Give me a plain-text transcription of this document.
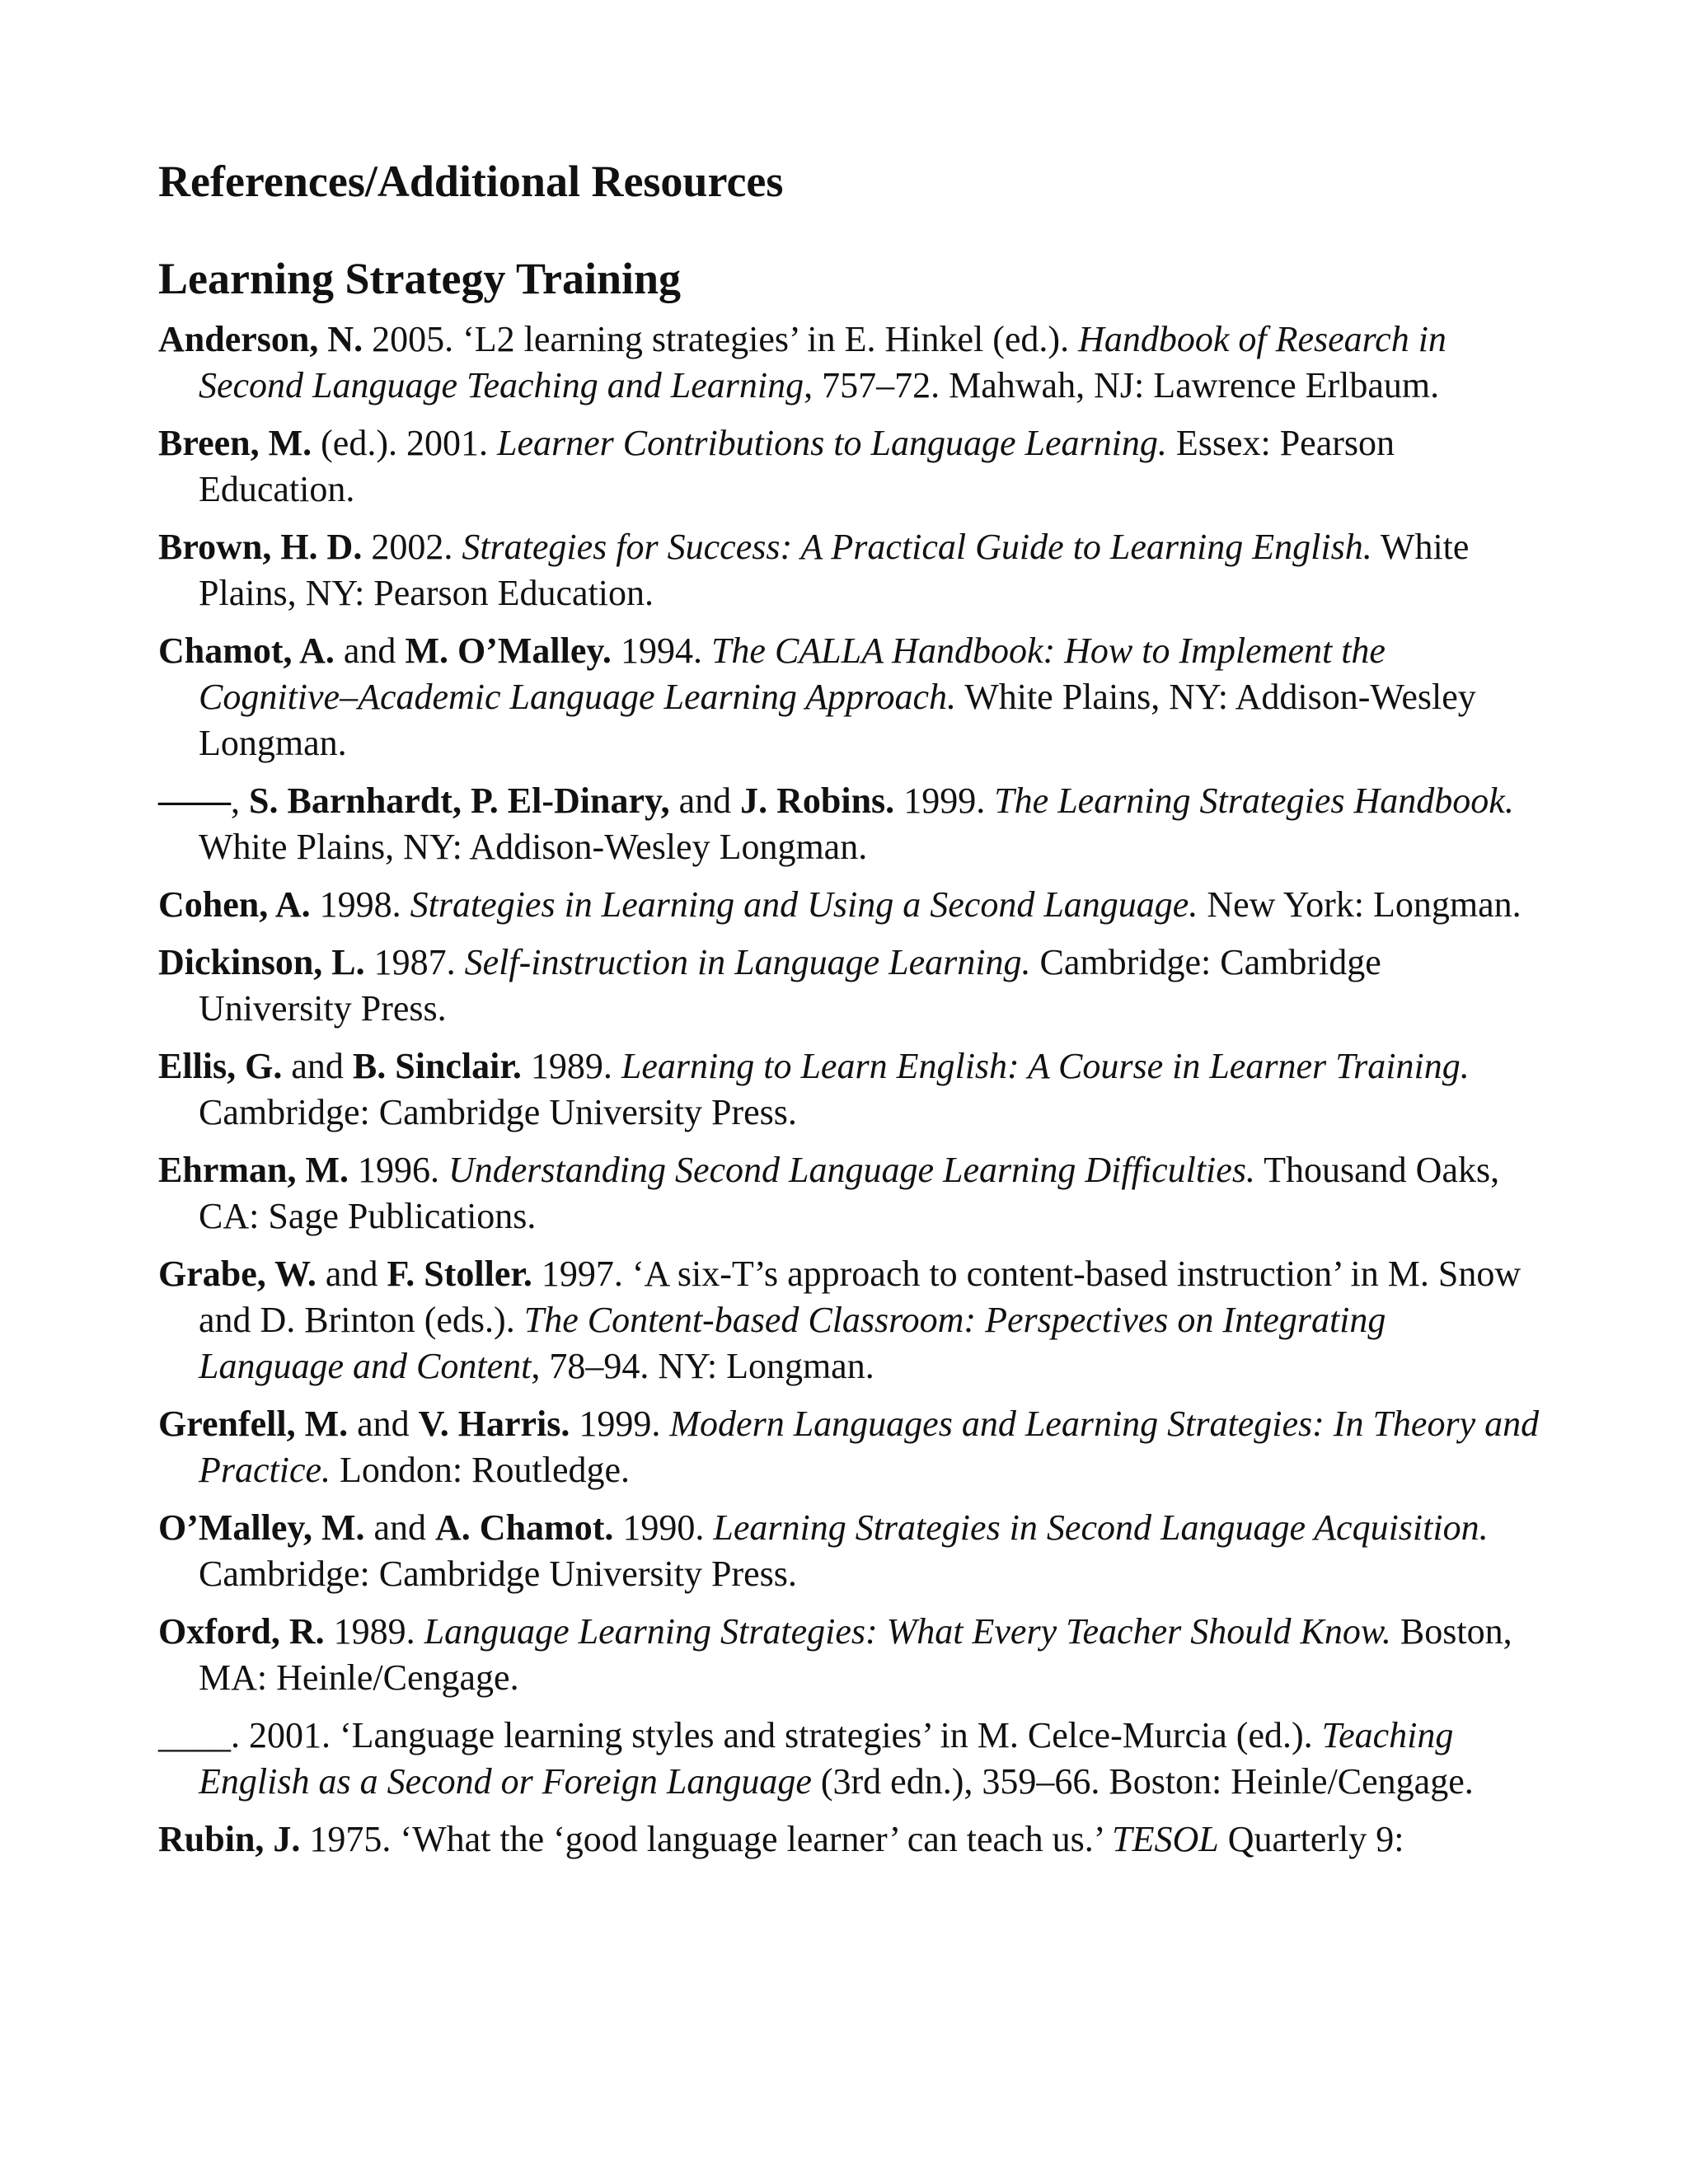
References/Additional Resources
Learning Strategy Training
Anderson, N. 2005. ‘L2 learning strategies’ in E. Hinkel (ed.). Handbook of Research in Second Language Teaching and Learning, 757–72. Mahwah, NJ: Lawrence Erlbaum.
Breen, M. (ed.). 2001. Learner Contributions to Language Learning. Essex: Pearson Education.
Brown, H. D. 2002. Strategies for Success: A Practical Guide to Learning English. White Plains, NY: Pearson Education.
Chamot, A. and M. O’Malley. 1994. The CALLA Handbook: How to Implement the Cognitive–Academic Language Learning Approach. White Plains, NY: Addison-Wesley Longman.
——, S. Barnhardt, P. El-Dinary, and J. Robins. 1999. The Learning Strategies Handbook. White Plains, NY: Addison-Wesley Longman.
Cohen, A. 1998. Strategies in Learning and Using a Second Language. New York: Longman.
Dickinson, L. 1987. Self-instruction in Language Learning. Cambridge: Cambridge University Press.
Ellis, G. and B. Sinclair. 1989. Learning to Learn English: A Course in Learner Training. Cambridge: Cambridge University Press.
Ehrman, M. 1996. Understanding Second Language Learning Difficulties. Thousand Oaks, CA: Sage Publications.
Grabe, W. and F. Stoller. 1997. ‘A six-T’s approach to content-based instruction’ in M. Snow and D. Brinton (eds.). The Content-based Classroom: Perspectives on Integrating Language and Content, 78–94. NY: Longman.
Grenfell, M. and V. Harris. 1999. Modern Languages and Learning Strategies: In Theory and Practice. London: Routledge.
O’Malley, M. and A. Chamot. 1990. Learning Strategies in Second Language Acquisition. Cambridge: Cambridge University Press.
Oxford, R. 1989. Language Learning Strategies: What Every Teacher Should Know. Boston, MA: Heinle/Cengage.
____. 2001. ‘Language learning styles and strategies’ in M. Celce-Murcia (ed.). Teaching English as a Second or Foreign Language (3rd edn.), 359–66. Boston: Heinle/Cengage.
Rubin, J. 1975. ‘What the ‘good language learner’ can teach us.’ TESOL Quarterly 9:
